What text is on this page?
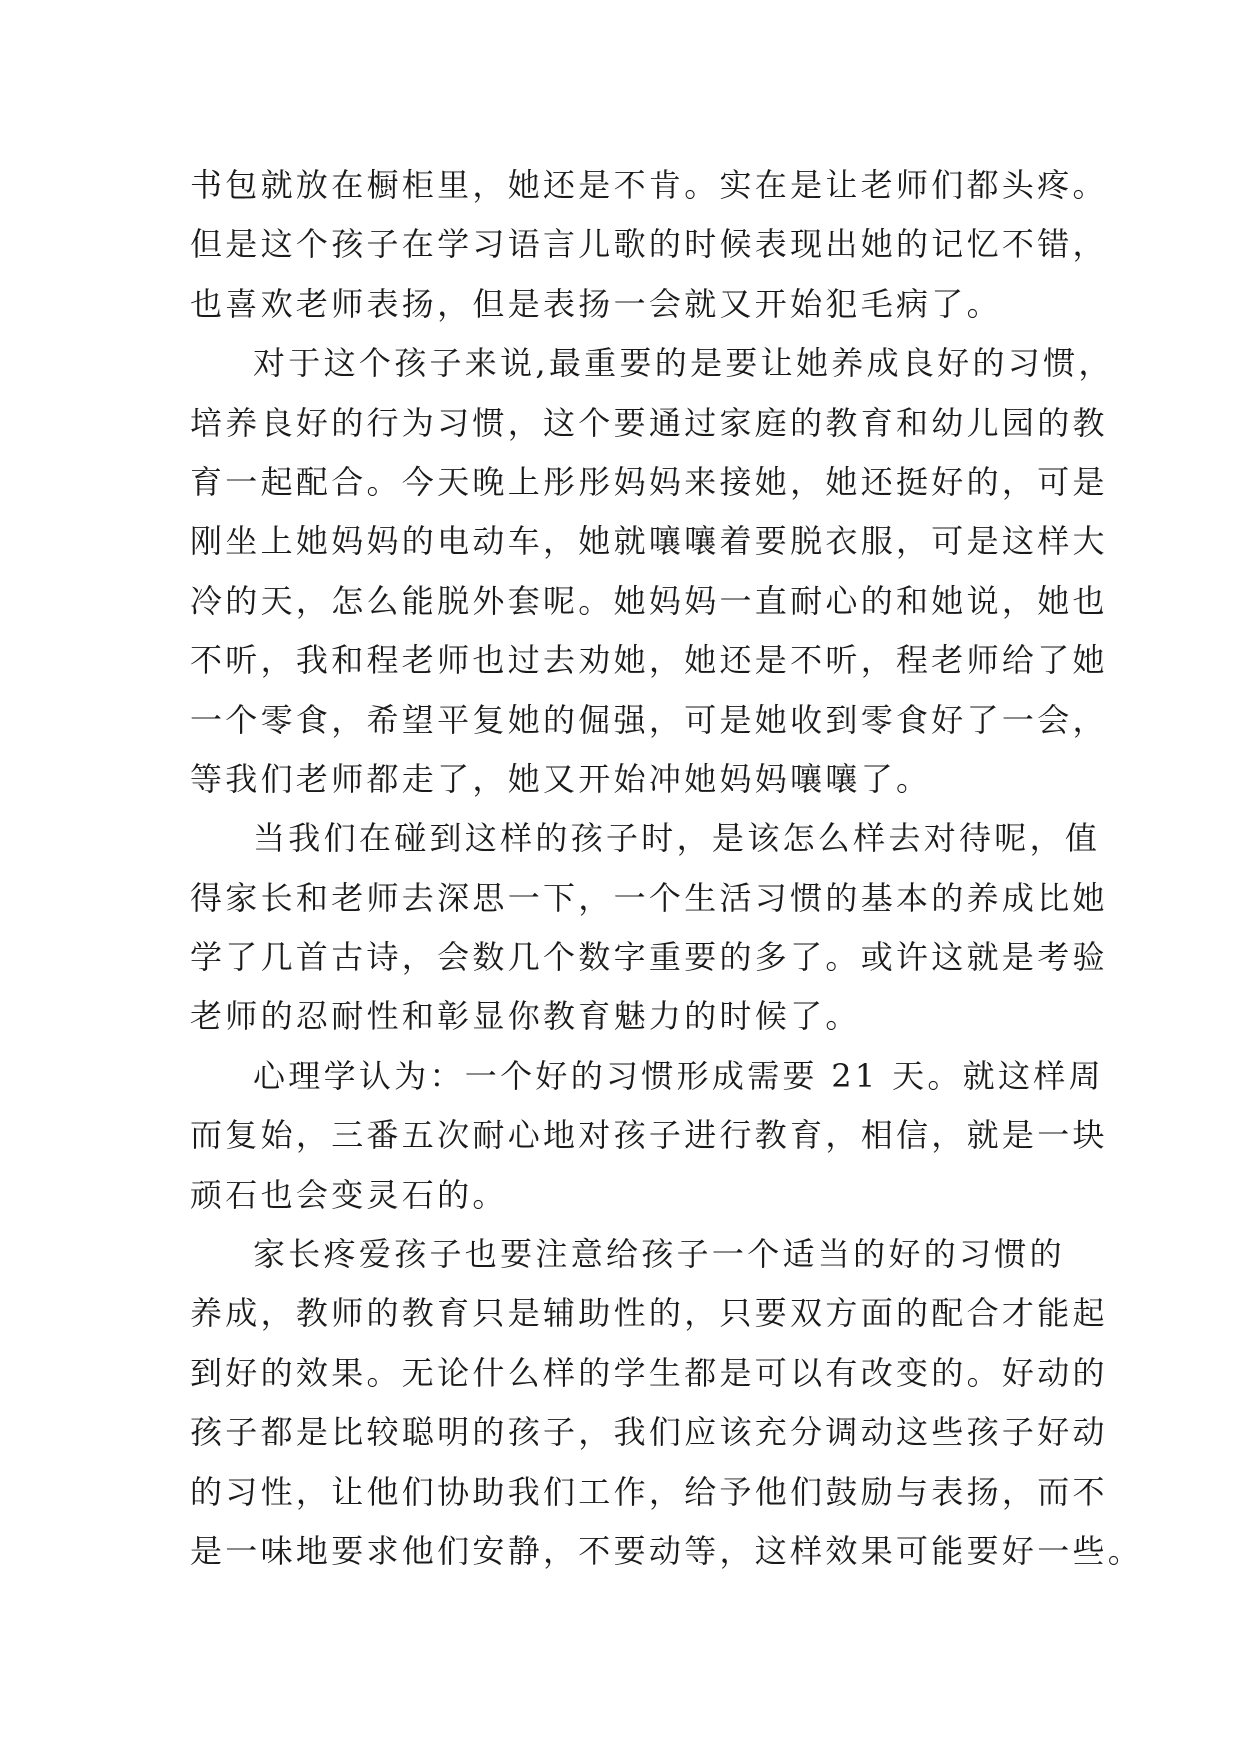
书包就放在橱柜里，她还是不肯。实在是让老师们都头疼。
但是这个孩子在学习语言儿歌的时候表现出她的记忆不错，
也喜欢老师表扬，但是表扬一会就又开始犯毛病了。
对于这个孩子来说,最重要的是要让她养成良好的习惯，
培养良好的行为习惯，这个要通过家庭的教育和幼儿园的教
育一起配合。今天晚上彤彤妈妈来接她，她还挺好的，可是
刚坐上她妈妈的电动车，她就嚷嚷着要脱衣服，可是这样大
冷的天，怎么能脱外套呢。她妈妈一直耐心的和她说，她也
不听，我和程老师也过去劝她，她还是不听，程老师给了她
一个零食，希望平复她的倔强，可是她收到零食好了一会，
等我们老师都走了，她又开始冲她妈妈嚷嚷了。
当我们在碰到这样的孩子时，是该怎么样去对待呢，值
得家长和老师去深思一下，一个生活习惯的基本的养成比她
学了几首古诗，会数几个数字重要的多了。或许这就是考验
老师的忍耐性和彰显你教育魅力的时候了。
心理学认为：一个好的习惯形成需要 21 天。就这样周
而复始，三番五次耐心地对孩子进行教育，相信，就是一块
顽石也会变灵石的。
家长疼爱孩子也要注意给孩子一个适当的好的习惯的
养成，教师的教育只是辅助性的，只要双方面的配合才能起
到好的效果。无论什么样的学生都是可以有改变的。好动的
孩子都是比较聪明的孩子，我们应该充分调动这些孩子好动
的习性，让他们协助我们工作，给予他们鼓励与表扬，而不
是一味地要求他们安静，不要动等，这样效果可能要好一些。
